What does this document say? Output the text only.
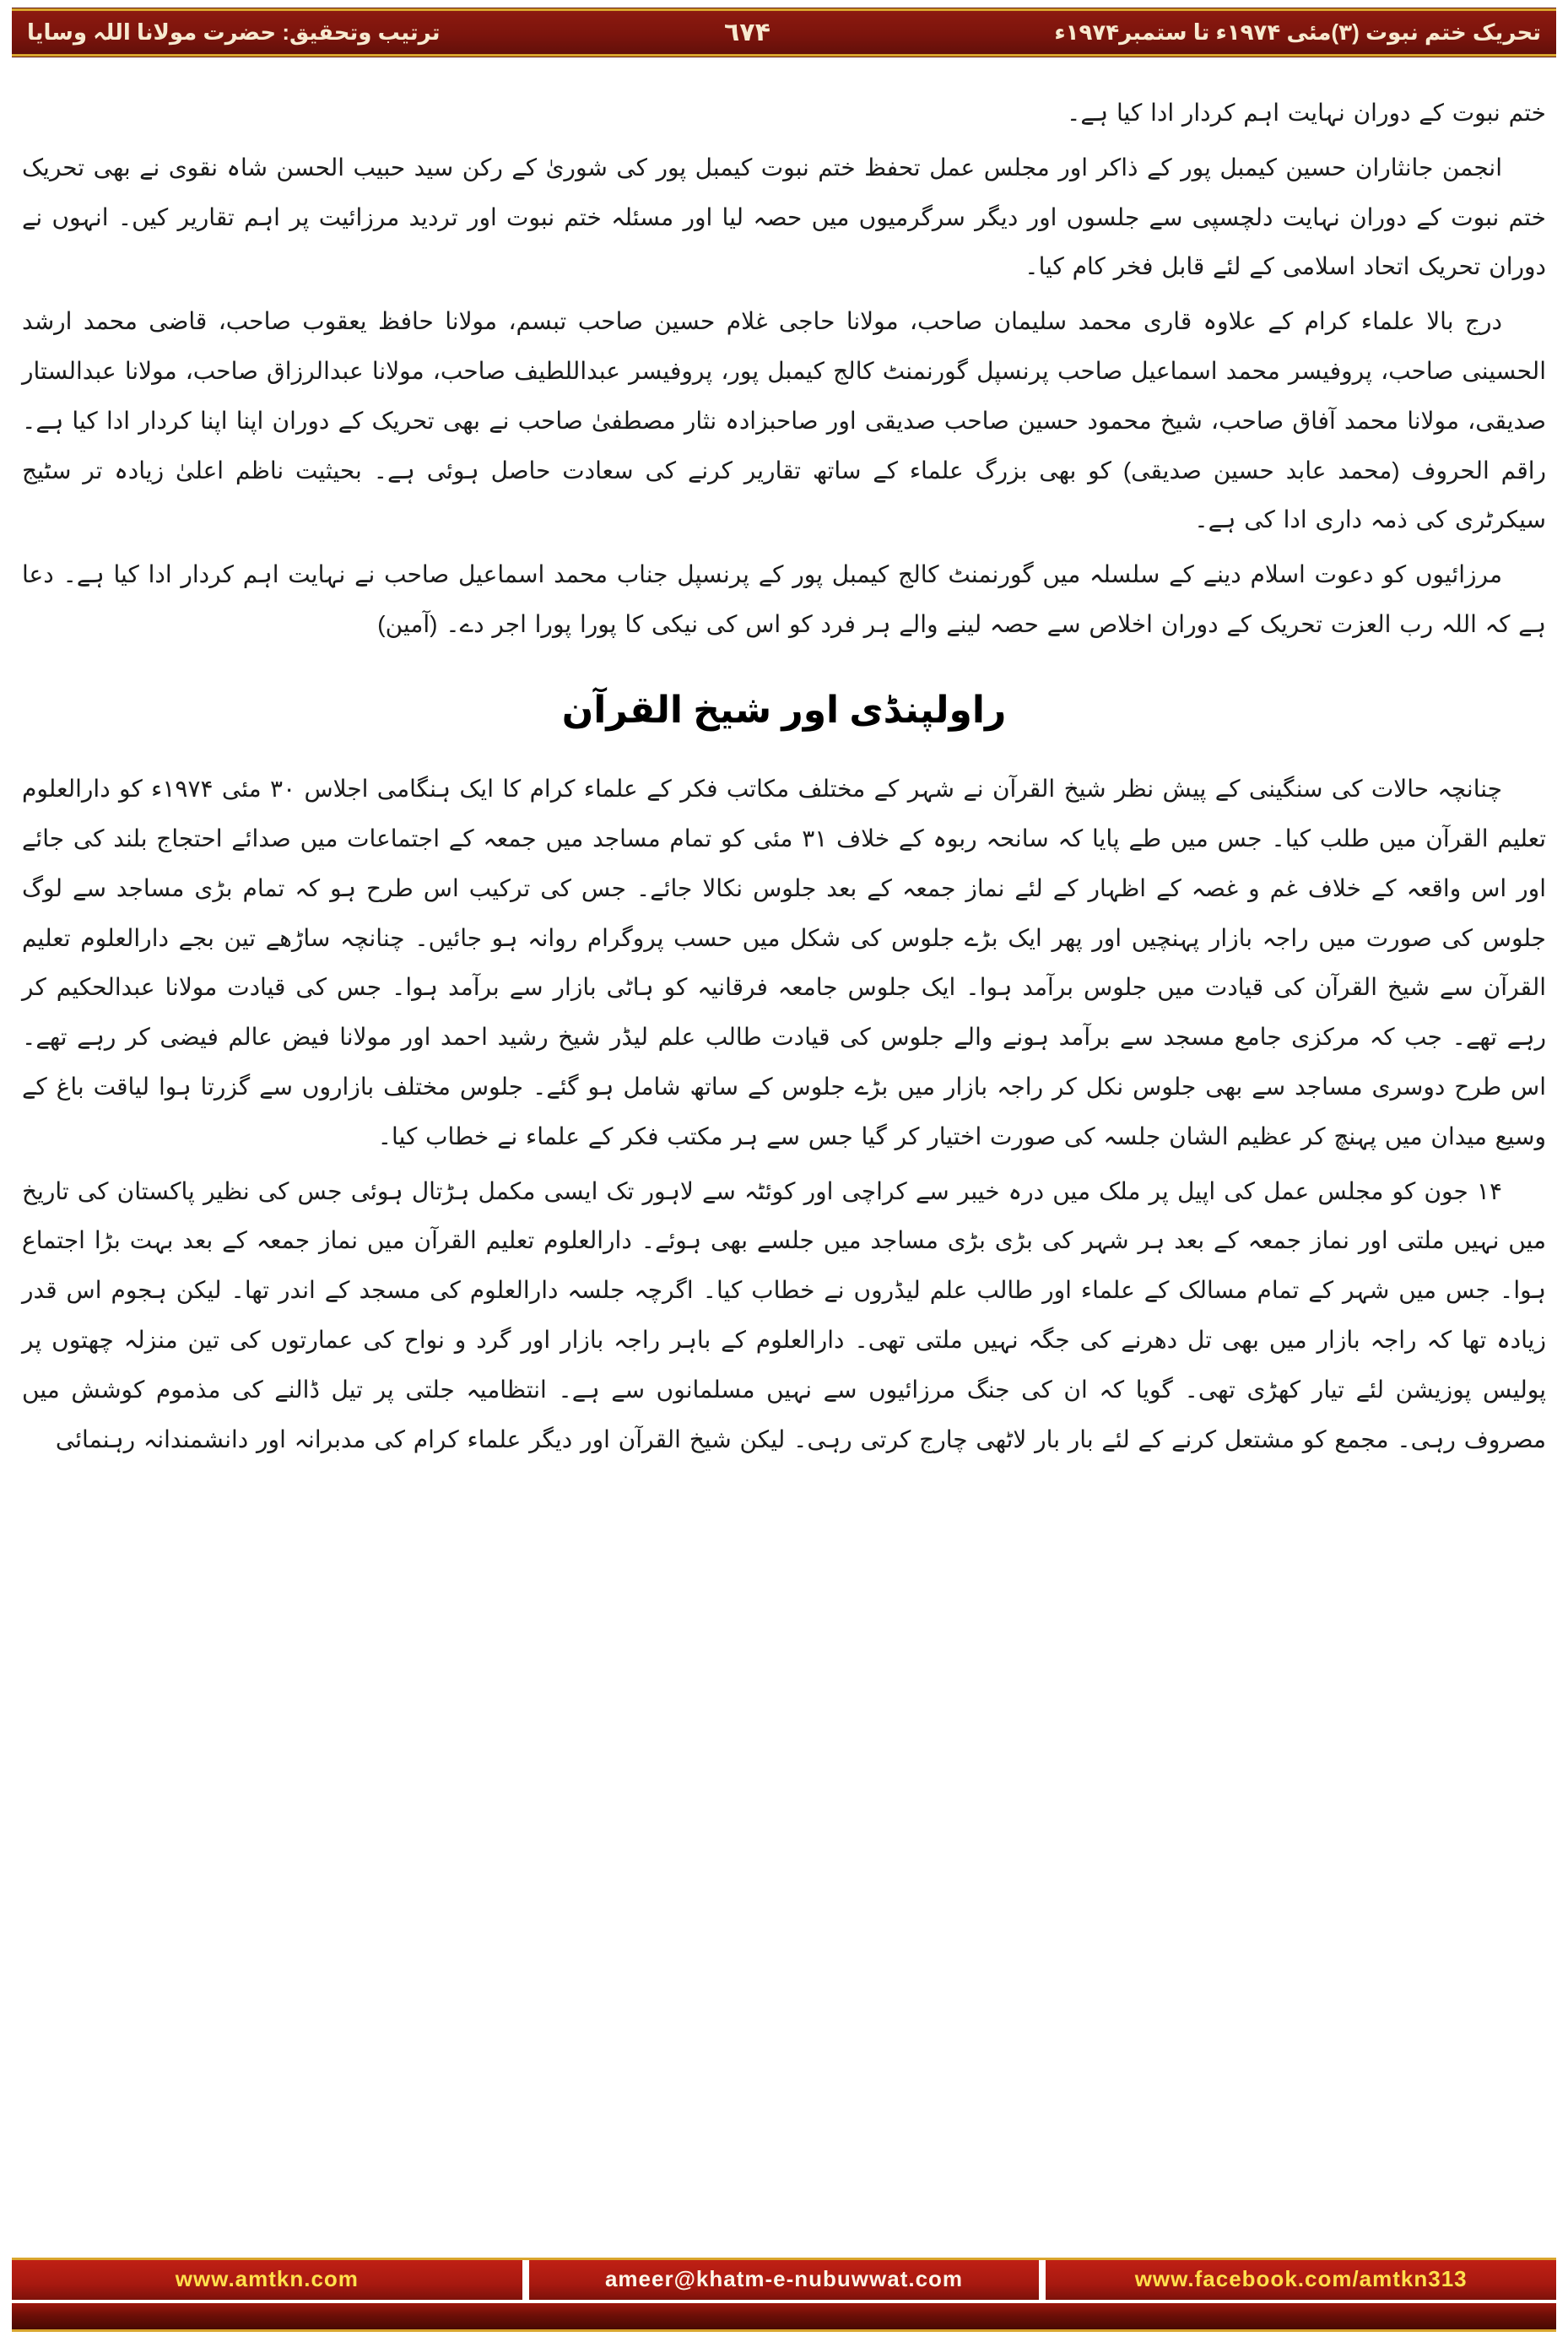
تحریک ختم نبوت (۳)مئی ۱۹۷۴ء تا ستمبر۱۹۷۴ء
٦٧۴
ترتیب وتحقیق: حضرت مولانا اللہ وسایا

ختم نبوت کے دوران نہایت اہم کردار ادا کیا ہے۔

انجمن جانثاران حسین کیمبل پور کے ذاکر اور مجلس عمل تحفظ ختم نبوت کیمبل پور کی شوریٰ کے رکن سید حبیب الحسن شاہ نقوی نے بھی تحریک ختم نبوت کے دوران نہایت دلچسپی سے جلسوں اور دیگر سرگرمیوں میں حصہ لیا اور مسئلہ ختم نبوت اور تردید مرزائیت پر اہم تقاریر کیں۔ انہوں نے دوران تحریک اتحاد اسلامی کے لئے قابل فخر کام کیا۔

درج بالا علماء کرام کے علاوہ قاری محمد سلیمان صاحب، مولانا حاجی غلام حسین صاحب تبسم، مولانا حافظ یعقوب صاحب، قاضی محمد ارشد الحسینی صاحب، پروفیسر محمد اسماعیل صاحب پرنسپل گورنمنٹ کالج کیمبل پور، پروفیسر عبداللطیف صاحب، مولانا عبدالرزاق صاحب، مولانا عبدالستار صدیقی، مولانا محمد آفاق صاحب، شیخ محمود حسین صاحب صدیقی اور صاحبزادہ نثار مصطفیٰ صاحب نے بھی تحریک کے دوران اپنا اپنا کردار ادا کیا ہے۔ راقم الحروف (محمد عابد حسین صدیقی) کو بھی بزرگ علماء کے ساتھ تقاریر کرنے کی سعادت حاصل ہوئی ہے۔ بحیثیت ناظم اعلیٰ زیادہ تر سٹیج سیکرٹری کی ذمہ داری ادا کی ہے۔

مرزائیوں کو دعوت اسلام دینے کے سلسلہ میں گورنمنٹ کالج کیمبل پور کے پرنسپل جناب محمد اسماعیل صاحب نے نہایت اہم کردار ادا کیا ہے۔ دعا ہے کہ اللہ رب العزت تحریک کے دوران اخلاص سے حصہ لینے والے ہر فرد کو اس کی نیکی کا پورا پورا اجر دے۔ (آمین)

راولپنڈی اور شیخ القرآن

چنانچہ حالات کی سنگینی کے پیش نظر شیخ القرآن نے شہر کے مختلف مکاتب فکر کے علماء کرام کا ایک ہنگامی اجلاس ۳۰ مئی ۱۹۷۴ء کو دارالعلوم تعلیم القرآن میں طلب کیا۔ جس میں طے پایا کہ سانحہ ربوہ کے خلاف ۳۱ مئی کو تمام مساجد میں جمعہ کے اجتماعات میں صدائے احتجاج بلند کی جائے اور اس واقعہ کے خلاف غم و غصہ کے اظہار کے لئے نماز جمعہ کے بعد جلوس نکالا جائے۔ جس کی ترکیب اس طرح ہو کہ تمام بڑی مساجد سے لوگ جلوس کی صورت میں راجہ بازار پہنچیں اور پھر ایک بڑے جلوس کی شکل میں حسب پروگرام روانہ ہو جائیں۔ چنانچہ ساڑھے تین بجے دارالعلوم تعلیم القرآن سے شیخ القرآن کی قیادت میں جلوس برآمد ہوا۔ ایک جلوس جامعہ فرقانیہ کو ہاٹی بازار سے برآمد ہوا۔ جس کی قیادت مولانا عبدالحکیم کر رہے تھے۔ جب کہ مرکزی جامع مسجد سے برآمد ہونے والے جلوس کی قیادت طالب علم لیڈر شیخ رشید احمد اور مولانا فیض عالم فیضی کر رہے تھے۔ اس طرح دوسری مساجد سے بھی جلوس نکل کر راجہ بازار میں بڑے جلوس کے ساتھ شامل ہو گئے۔ جلوس مختلف بازاروں سے گزرتا ہوا لیاقت باغ کے وسیع میدان میں پہنچ کر عظیم الشان جلسہ کی صورت اختیار کر گیا جس سے ہر مکتب فکر کے علماء نے خطاب کیا۔

۱۴ جون کو مجلس عمل کی اپیل پر ملک میں درہ خیبر سے کراچی اور کوئٹہ سے لاہور تک ایسی مکمل ہڑتال ہوئی جس کی نظیر پاکستان کی تاریخ میں نہیں ملتی اور نماز جمعہ کے بعد ہر شہر کی بڑی بڑی مساجد میں جلسے بھی ہوئے۔ دارالعلوم تعلیم القرآن میں نماز جمعہ کے بعد بہت بڑا اجتماع ہوا۔ جس میں شہر کے تمام مسالک کے علماء اور طالب علم لیڈروں نے خطاب کیا۔ اگرچہ جلسہ دارالعلوم کی مسجد کے اندر تھا۔ لیکن ہجوم اس قدر زیادہ تھا کہ راجہ بازار میں بھی تل دھرنے کی جگہ نہیں ملتی تھی۔ دارالعلوم کے باہر راجہ بازار اور گرد و نواح کی عمارتوں کی تین منزلہ چھتوں پر پولیس پوزیشن لئے تیار کھڑی تھی۔ گویا کہ ان کی جنگ مرزائیوں سے نہیں مسلمانوں سے ہے۔ انتظامیہ جلتی پر تیل ڈالنے کی مذموم کوشش میں مصروف رہی۔ مجمع کو مشتعل کرنے کے لئے بار بار لاٹھی چارج کرتی رہی۔ لیکن شیخ القرآن اور دیگر علماء کرام کی مدبرانہ اور دانشمندانہ رہنمائی

www.amtkn.com	ameer@khatm-e-nubuwwat.com	www.facebook.com/amtkn313
